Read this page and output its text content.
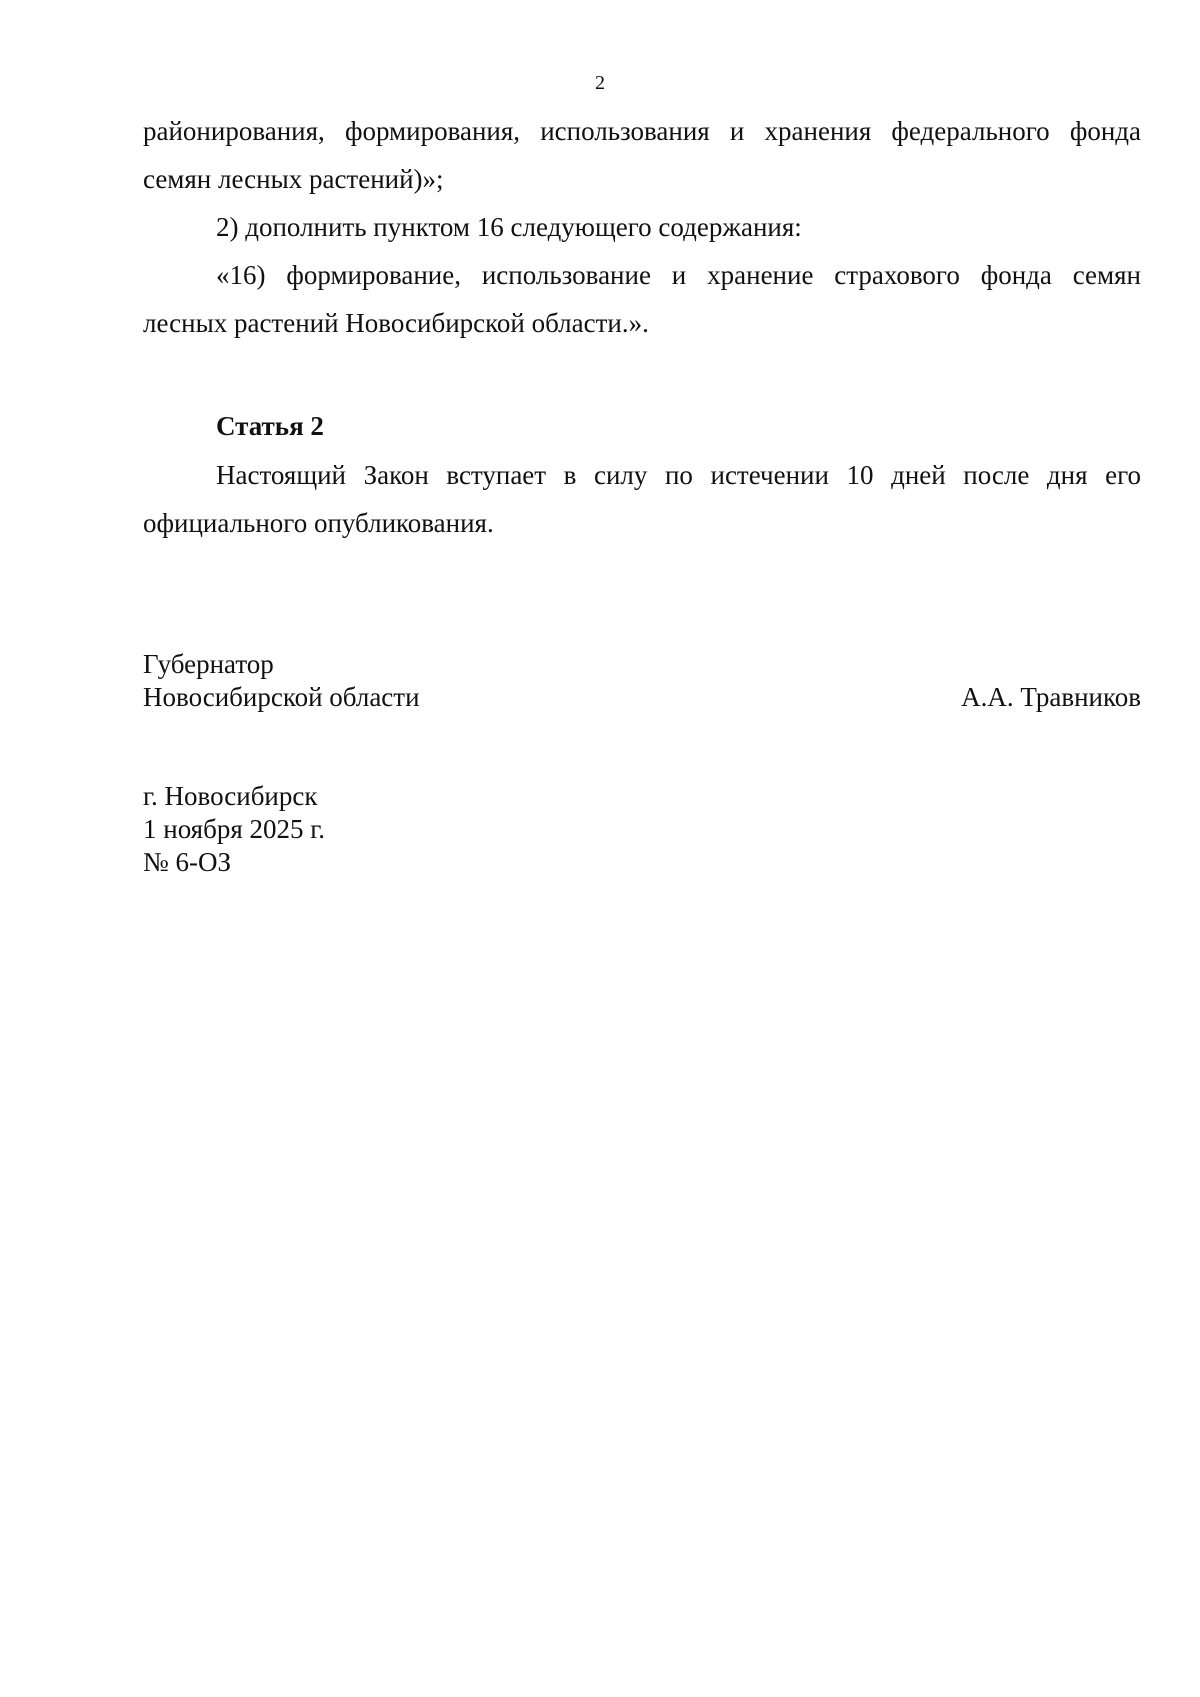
2

районирования, формирования, использования и хранения федерального фонда

семян лесных растений)»;

2) дополнить пунктом 16 следующего содержания:

«16) формирование, использование и хранение страхового фонда семян

лесных растений Новосибирской области.».

Статья 2

Настоящий Закон вступает в силу по истечении 10 дней после дня его

официального опубликования.

Губернатор
Новосибирской области	А.А. Травников
г. Новосибирск
1 ноября 2025 г.
№ 6-ОЗ
